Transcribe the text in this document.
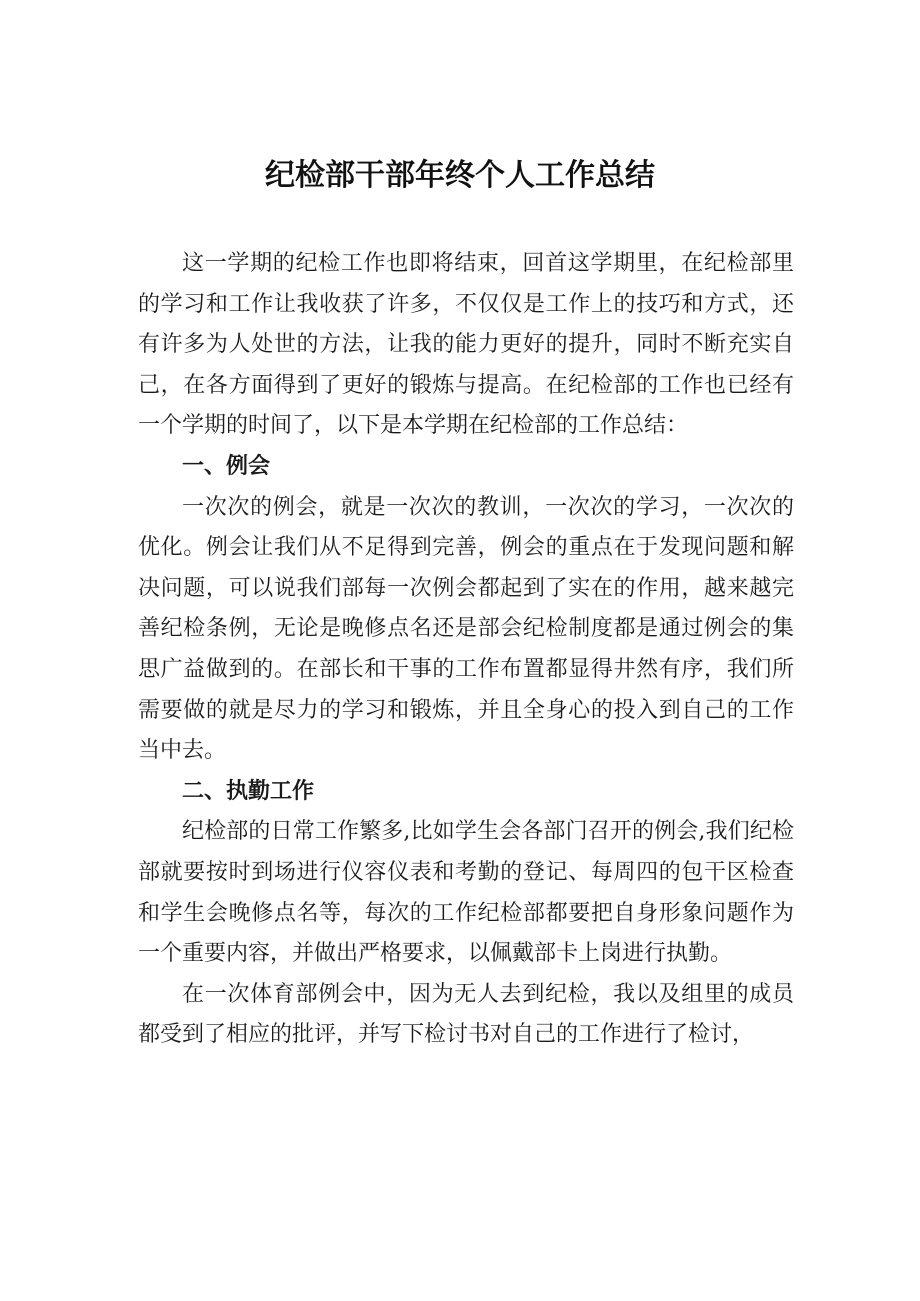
纪检部干部年终个人工作总结

这一学期的纪检工作也即将结束，回首这学期里，在纪检部里的学习和工作让我收获了许多，不仅仅是工作上的技巧和方式，还有许多为人处世的方法，让我的能力更好的提升，同时不断充实自己，在各方面得到了更好的锻炼与提高。在纪检部的工作也已经有一个学期的时间了，以下是本学期在纪检部的工作总结：

一、例会

一次次的例会，就是一次次的教训，一次次的学习，一次次的优化。例会让我们从不足得到完善，例会的重点在于发现问题和解决问题，可以说我们部每一次例会都起到了实在的作用，越来越完善纪检条例，无论是晚修点名还是部会纪检制度都是通过例会的集思广益做到的。在部长和干事的工作布置都显得井然有序，我们所需要做的就是尽力的学习和锻炼，并且全身心的投入到自己的工作当中去。

二、执勤工作

纪检部的日常工作繁多,比如学生会各部门召开的例会,我们纪检部就要按时到场进行仪容仪表和考勤的登记、每周四的包干区检查和学生会晚修点名等，每次的工作纪检部都要把自身形象问题作为一个重要内容，并做出严格要求，以佩戴部卡上岗进行执勤。

在一次体育部例会中，因为无人去到纪检，我以及组里的成员都受到了相应的批评，并写下检讨书对自己的工作进行了检讨，
